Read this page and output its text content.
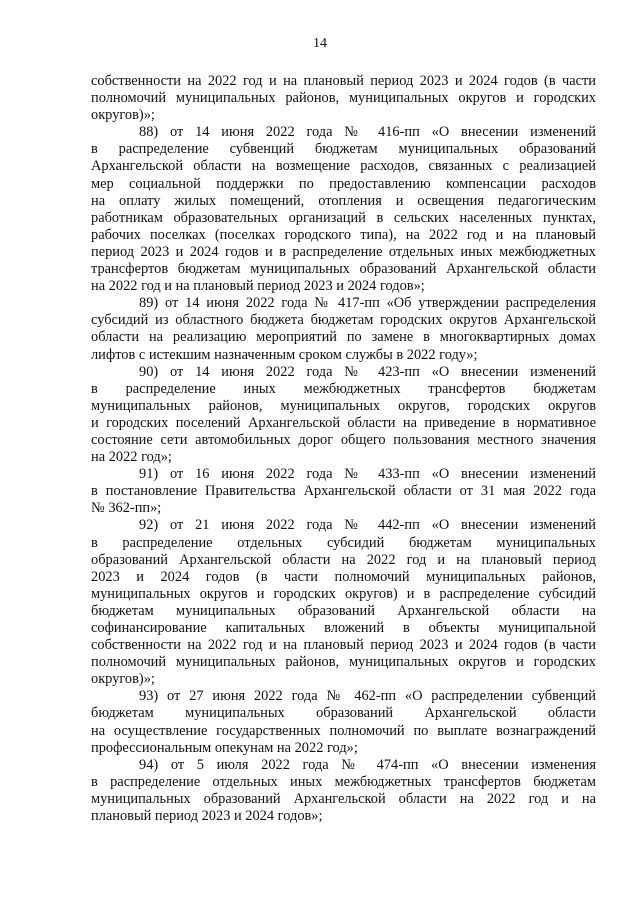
14
собственности на 2022 год и на плановый период 2023 и 2024 годов (в части
полномочий муниципальных районов, муниципальных округов и городских
округов)»;
88) от 14 июня 2022 года № 416-пп «О внесении изменений
в распределение субвенций бюджетам муниципальных образований
Архангельской области на возмещение расходов, связанных с реализацией
мер социальной поддержки по предоставлению компенсации расходов
на оплату жилых помещений, отопления и освещения педагогическим
работникам образовательных организаций в сельских населенных пунктах,
рабочих поселках (поселках городского типа), на 2022 год и на плановый
период 2023 и 2024 годов и в распределение отдельных иных межбюджетных
трансфертов бюджетам муниципальных образований Архангельской области
на 2022 год и на плановый период 2023 и 2024 годов»;
89) от 14 июня 2022 года № 417-пп «Об утверждении распределения
субсидий из областного бюджета бюджетам городских округов Архангельской
области на реализацию мероприятий по замене в многоквартирных домах
лифтов с истекшим назначенным сроком службы в 2022 году»;
90) от 14 июня 2022 года № 423-пп «О внесении изменений
в распределение иных межбюджетных трансфертов бюджетам
муниципальных районов, муниципальных округов, городских округов
и городских поселений Архангельской области на приведение в нормативное
состояние сети автомобильных дорог общего пользования местного значения
на 2022 год»;
91) от 16 июня 2022 года № 433-пп «О внесении изменений
в постановление Правительства Архангельской области от 31 мая 2022 года
№ 362-пп»;
92) от 21 июня 2022 года № 442-пп «О внесении изменений
в распределение отдельных субсидий бюджетам муниципальных
образований Архангельской области на 2022 год и на плановый период
2023 и 2024 годов (в части полномочий муниципальных районов,
муниципальных округов и городских округов) и в распределение субсидий
бюджетам муниципальных образований Архангельской области на
софинансирование капитальных вложений в объекты муниципальной
собственности на 2022 год и на плановый период 2023 и 2024 годов (в части
полномочий муниципальных районов, муниципальных округов и городских
округов)»;
93) от 27 июня 2022 года № 462-пп «О распределении субвенций
бюджетам муниципальных образований Архангельской области
на осуществление государственных полномочий по выплате вознаграждений
профессиональным опекунам на 2022 год»;
94) от 5 июля 2022 года № 474-пп «О внесении изменения
в распределение отдельных иных межбюджетных трансфертов бюджетам
муниципальных образований Архангельской области на 2022 год и на
плановый период 2023 и 2024 годов»;
